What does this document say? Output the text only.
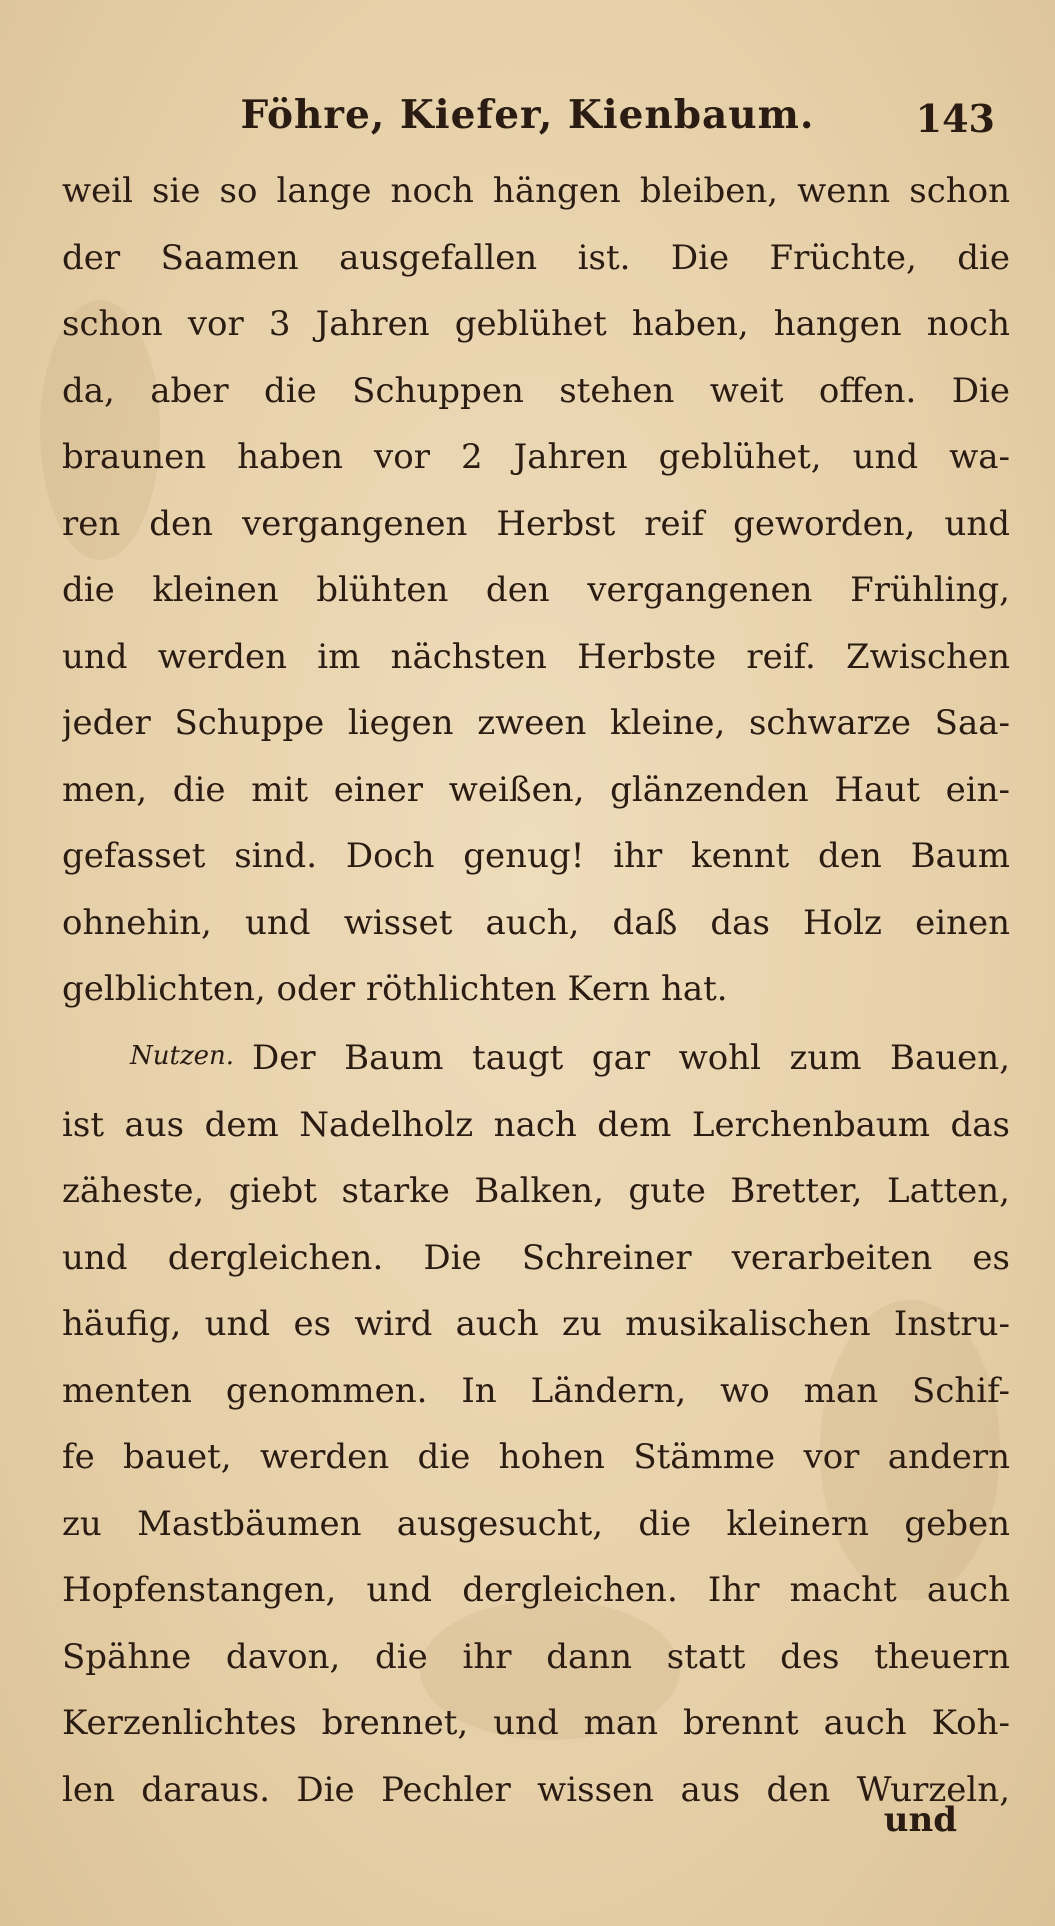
Föhre, Kiefer, Kienbaum.	143
weil sie so lange noch hängen bleiben, wenn schon
der Saamen ausgefallen ist. Die Früchte, die
schon vor 3 Jahren geblühet haben, hangen noch
da, aber die Schuppen stehen weit offen. Die
braunen haben vor 2 Jahren geblühet, und wa-
ren den vergangenen Herbst reif geworden, und
die kleinen blühten den vergangenen Frühling,
und werden im nächsten Herbste reif. Zwischen
jeder Schuppe liegen zween kleine, schwarze Saa-
men, die mit einer weißen, glänzenden Haut ein-
gefasset sind. Doch genug! ihr kennt den Baum
ohnehin, und wisset auch, daß das Holz einen
gelblichten, oder röthlichten Kern hat.
Nutzen. Der Baum taugt gar wohl zum Bauen,
ist aus dem Nadelholz nach dem Lerchenbaum das
zäheste, giebt starke Balken, gute Bretter, Latten,
und dergleichen. Die Schreiner verarbeiten es
häufig, und es wird auch zu musikalischen Instru-
menten genommen. In Ländern, wo man Schif-
fe bauet, werden die hohen Stämme vor andern
zu Mastbäumen ausgesucht, die kleinern geben
Hopfenstangen, und dergleichen. Ihr macht auch
Spähne davon, die ihr dann statt des theuern
Kerzenlichtes brennet, und man brennt auch Koh-
len daraus. Die Pechler wissen aus den Wurzeln,
und
